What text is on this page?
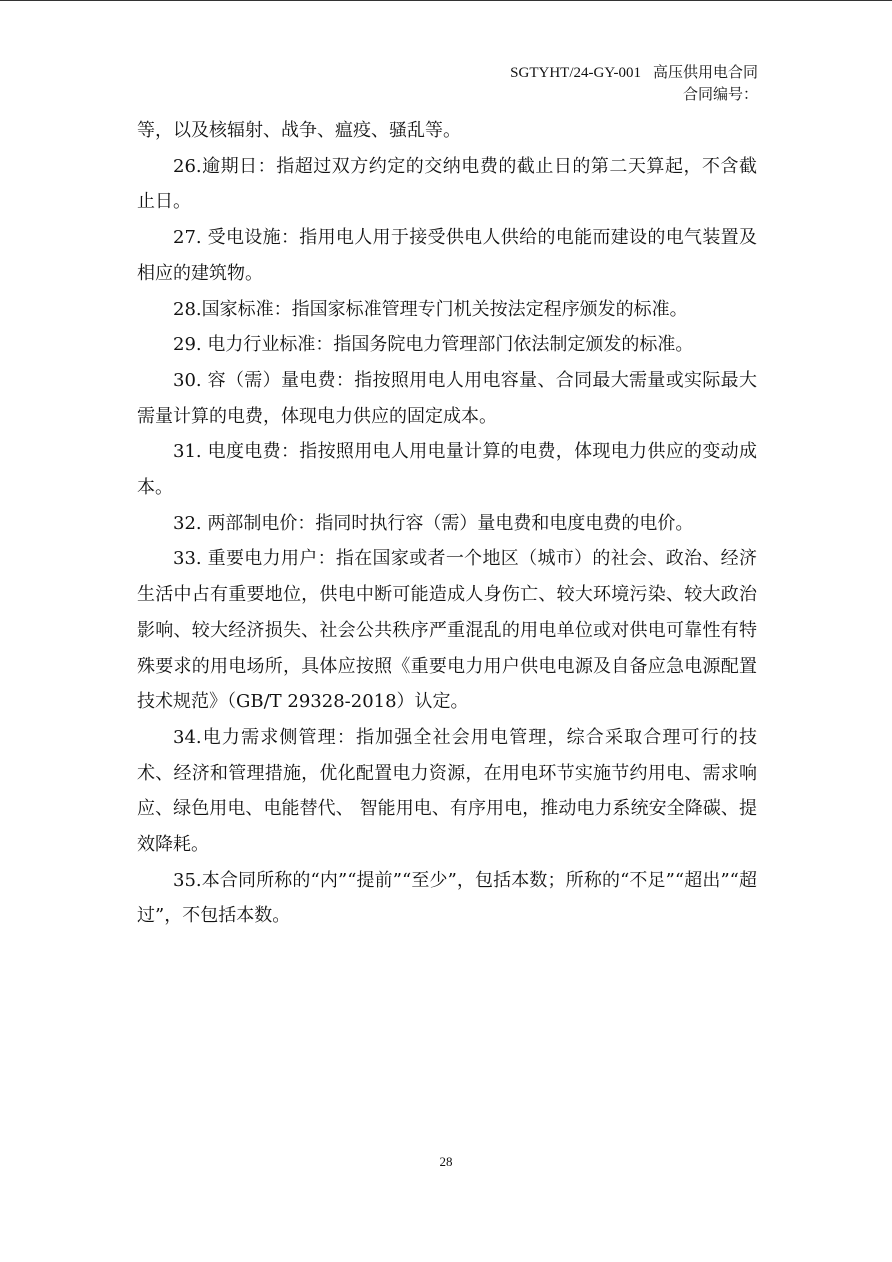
SGTYHT/24-GY-001 高压供用电合同
合同编号：

等，以及核辐射、战争、瘟疫、骚乱等。

26.逾期日：指超过双方约定的交纳电费的截止日的第二天算起，不含截止日。

27. 受电设施：指用电人用于接受供电人供给的电能而建设的电气装置及相应的建筑物。

28.国家标准：指国家标准管理专门机关按法定程序颁发的标准。

29. 电力行业标准：指国务院电力管理部门依法制定颁发的标准。

30. 容（需）量电费：指按照用电人用电容量、合同最大需量或实际最大需量计算的电费，体现电力供应的固定成本。

31. 电度电费：指按照用电人用电量计算的电费，体现电力供应的变动成本。

32. 两部制电价：指同时执行容（需）量电费和电度电费的电价。

33. 重要电力用户：指在国家或者一个地区（城市）的社会、政治、经济生活中占有重要地位，供电中断可能造成人身伤亡、较大环境污染、较大政治影响、较大经济损失、社会公共秩序严重混乱的用电单位或对供电可靠性有特殊要求的用电场所，具体应按照《重要电力用户供电电源及自备应急电源配置技术规范》（GB/T 29328-2018）认定。

34.电力需求侧管理：指加强全社会用电管理，综合采取合理可行的技术、经济和管理措施，优化配置电力资源，在用电环节实施节约用电、需求响应、绿色用电、电能替代、 智能用电、有序用电，推动电力系统安全降碳、提效降耗。

35.本合同所称的“内”“提前”“至少”，包括本数；所称的“不足”“超出”“超过”，不包括本数。

28
